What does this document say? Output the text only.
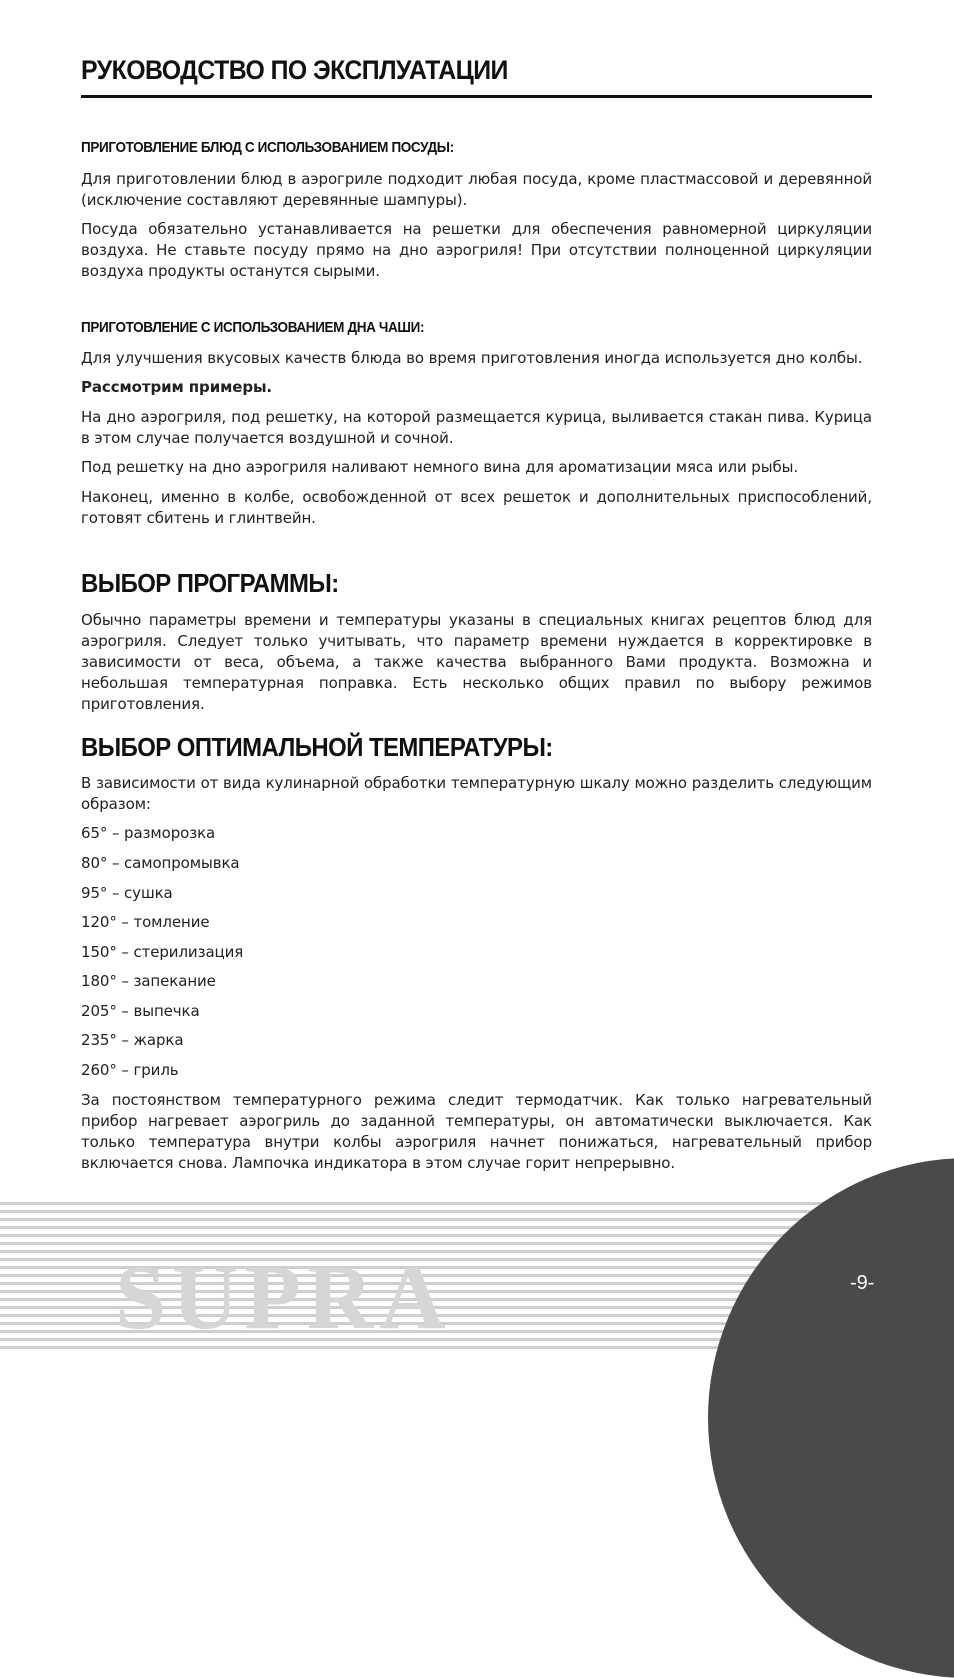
РУКОВОДСТВО ПО ЭКСПЛУАТАЦИИ
ПРИГОТОВЛЕНИЕ БЛЮД С ИСПОЛЬЗОВАНИЕМ ПОСУДЫ:
Для приготовлении блюд в аэрогриле подходит любая посуда, кроме пластмассовой и деревянной (исключение составляют деревянные шампуры).
Посуда обязательно устанавливается на решетки для обеспечения равномерной циркуляции воздуха. Не ставьте посуду прямо на дно аэрогриля! При отсутствии полноценной циркуляции воздуха продукты останутся сырыми.
ПРИГОТОВЛЕНИЕ С ИСПОЛЬЗОВАНИЕМ ДНА ЧАШИ:
Для улучшения вкусовых качеств блюда во время приготовления иногда используется дно колбы.
Рассмотрим примеры.
На дно аэрогриля, под решетку, на которой размещается курица, выливается стакан пива. Курица в этом случае получается воздушной и сочной.
Под решетку на дно аэрогриля наливают немного вина для ароматизации мяса или рыбы.
Наконец, именно в колбе, освобожденной от всех решеток и дополнительных приспособлений, готовят сбитень и глинтвейн.
ВЫБОР ПРОГРАММЫ:
Обычно параметры времени и температуры указаны в специальных книгах рецептов блюд для аэрогриля. Следует только учитывать, что параметр времени нуждается в корректировке в зависимости от веса, объема, а также качества выбранного Вами продукта. Возможна и небольшая температурная поправка. Есть несколько общих правил по выбору режимов приготовления.
ВЫБОР ОПТИМАЛЬНОЙ ТЕМПЕРАТУРЫ:
В зависимости от вида кулинарной обработки температурную шкалу можно разделить следующим образом:
65° – разморозка
80° – самопромывка
95° – сушка
120° – томление
150° – стерилизация
180° – запекание
205° – выпечка
235° – жарка
260° – гриль
За постоянством температурного режима следит термодатчик. Как только нагревательный прибор нагревает аэрогриль до заданной температуры, он автоматически выключается. Как только температура внутри колбы аэрогриля начнет понижаться, нагревательный прибор включается снова. Лампочка индикатора в этом случае горит непрерывно.
SUPRA	-9-
